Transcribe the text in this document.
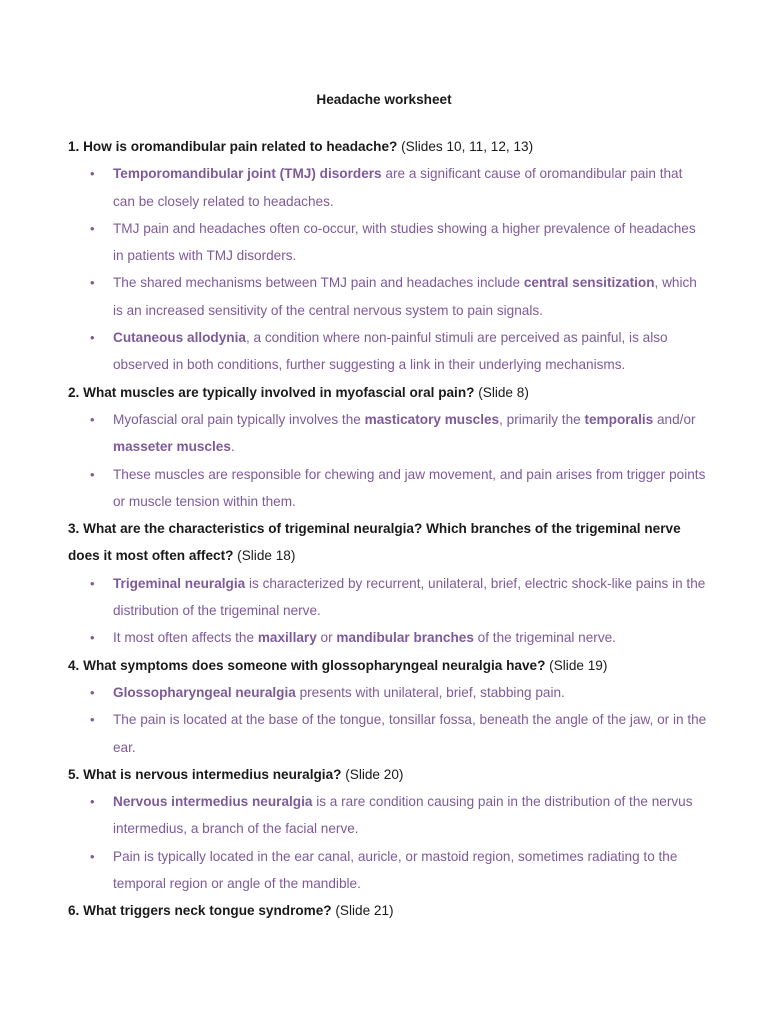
Headache worksheet

1. How is oromandibular pain related to headache? (Slides 10, 11, 12, 13)

• Temporomandibular joint (TMJ) disorders are a significant cause of oromandibular pain that can be closely related to headaches.
• TMJ pain and headaches often co-occur, with studies showing a higher prevalence of headaches in patients with TMJ disorders.
• The shared mechanisms between TMJ pain and headaches include central sensitization, which is an increased sensitivity of the central nervous system to pain signals.
• Cutaneous allodynia, a condition where non-painful stimuli are perceived as painful, is also observed in both conditions, further suggesting a link in their underlying mechanisms.

2. What muscles are typically involved in myofascial oral pain? (Slide 8)

• Myofascial oral pain typically involves the masticatory muscles, primarily the temporalis and/or masseter muscles.
• These muscles are responsible for chewing and jaw movement, and pain arises from trigger points or muscle tension within them.

3. What are the characteristics of trigeminal neuralgia? Which branches of the trigeminal nerve does it most often affect? (Slide 18)

• Trigeminal neuralgia is characterized by recurrent, unilateral, brief, electric shock-like pains in the distribution of the trigeminal nerve.
• It most often affects the maxillary or mandibular branches of the trigeminal nerve.

4. What symptoms does someone with glossopharyngeal neuralgia have? (Slide 19)

• Glossopharyngeal neuralgia presents with unilateral, brief, stabbing pain.
• The pain is located at the base of the tongue, tonsillar fossa, beneath the angle of the jaw, or in the ear.

5. What is nervous intermedius neuralgia? (Slide 20)

• Nervous intermedius neuralgia is a rare condition causing pain in the distribution of the nervus intermedius, a branch of the facial nerve.
• Pain is typically located in the ear canal, auricle, or mastoid region, sometimes radiating to the temporal region or angle of the mandible.

6. What triggers neck tongue syndrome? (Slide 21)
